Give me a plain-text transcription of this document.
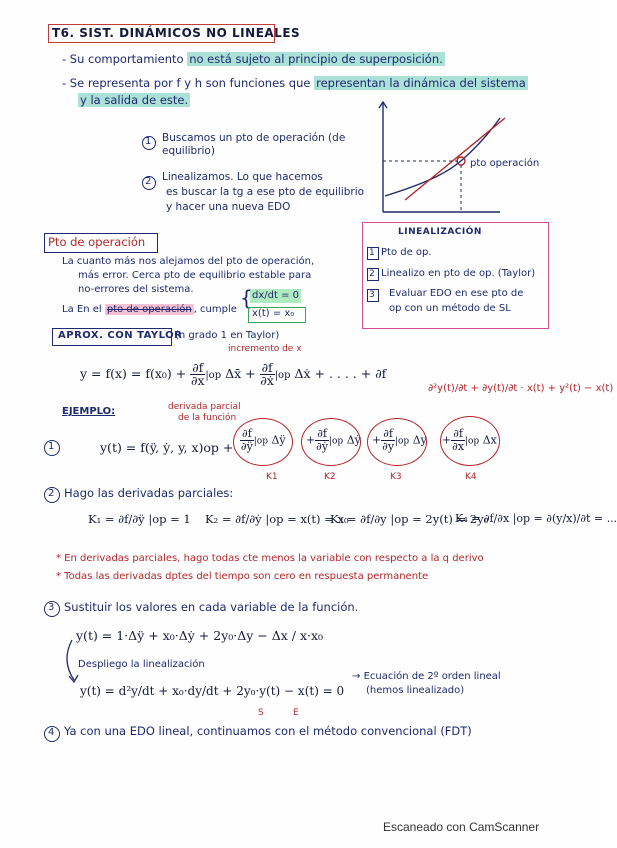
T6. SIST. DINÁMICOS NO LINEALES
- Su comportamiento no está sujeto al principio de superposición.
- Se representa por f y h son funciones que representan la dinámica del sistema
y la salida de este.
1 Buscamos un pto de operación (de equilibrio)
2 Linealizamos. Lo que hacemos
es buscar la tg a ese pto de equilibrio
y hacer una nueva EDO
pto operación
LINEALIZACIÓN
1 Pto de op.
2 Linealizo en pto de op. (Taylor)
3 Evaluar EDO en ese pto de
op con un método de SL
Pto de operación
La cuanto más nos alejamos del pto de operación,
más error. Cerca pto de equilibrio estable para
no-errores del sistema.
La En el pto de operación , cumple { dx/dt = 0
x(t) = x₀
APROX. CON TAYLOR
(n grado 1 en Taylor)
incremento de x
$y = f(x) = f(x_0) + \frac{\partial f}{\partial x} |op$ Δx̄ + $\frac{\partial f}{\text{∂ẋ}} |op$ Δẋ + . . . . + ∂f
derivada parcial
de la función
∂²y(t)/∂t + ∂y(t)/∂t · x(t) + y²(t) − x(t)
EJEMPLO:
1	y(t) = f(ÿ, ẏ, y, $x)op + \frac{\partial f}{\partial ÿ} |op$ Δÿ + $\frac{\partial f}{\text{∂ẏ}} |op$ Δẏ + $\frac{\partial f}{\partial y} |op$ $\Delta y + \frac{\partial f}{\partial x} |op$ Δx
K1	K2	K3	K4
2 Hago las derivadas parciales:
K₁ = ∂f/∂ÿ |op = 1 K₂ = ∂f/∂ẏ |op = x(t) = x₀
K₃ = ∂f/∂y |op = 2y(t) = 2y₀
K₄ = ∂f/∂x |op = ∂(y/x)/∂t = ...
* En derivadas parciales, hago todas cte menos la variable con respecto a la q derivo
* Todas las derivadas dptes del tiempo son cero en respuesta permanente
3 Sustituir los valores en cada variable de la función.
y(t) = 1·Δÿ + x₀·Δẏ + 2y₀·Δy − Δx / x·x₀
Despliego la linealización
y(t) = d²y/dt + x₀·dy/dt + 2y₀·y(t) − x(t) = 0
S	E
→ Ecuación de 2º orden lineal
(hemos linealizado)
4 Ya con una EDO lineal, continuamos con el método convencional (FDT)
Escaneado con CamScanner
